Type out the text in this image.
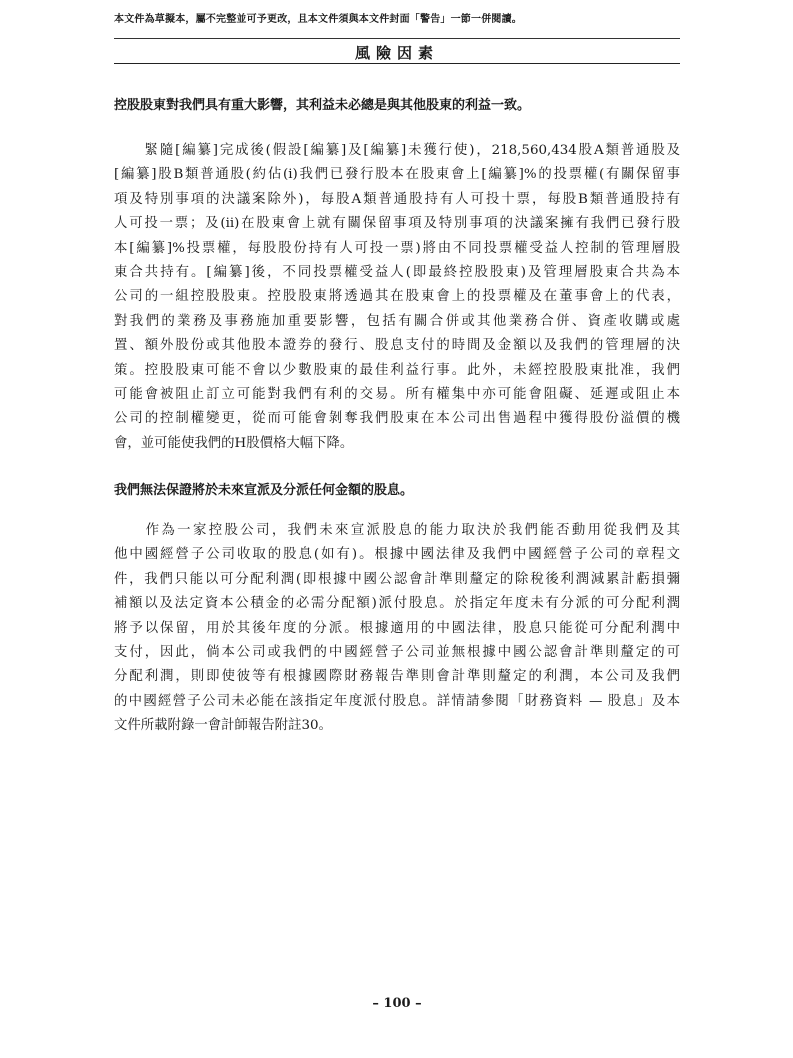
本文件為草擬本，屬不完整並可予更改，且本文件須與本文件封面「警告」一節一併閱讀。
風險因素
控股股東對我們具有重大影響，其利益未必總是與其他股東的利益一致。
　　緊隨[編纂]完成後(假設[編纂]及[編纂]未獲行使)，218,560,434股A類普通股及
[編纂]股B類普通股(約佔(i)我們已發行股本在股東會上[編纂]%的投票權(有關保留事
項及特別事項的決議案除外)，每股A類普通股持有人可投十票，每股B類普通股持有
人可投一票；及(ii)在股東會上就有關保留事項及特別事項的決議案擁有我們已發行股
本[編纂]%投票權，每股股份持有人可投一票)將由不同投票權受益人控制的管理層股
東合共持有。[編纂]後，不同投票權受益人(即最終控股股東)及管理層股東合共為本
公司的一組控股股東。控股股東將透過其在股東會上的投票權及在董事會上的代表，
對我們的業務及事務施加重要影響，包括有關合併或其他業務合併、資產收購或處
置、額外股份或其他股本證券的發行、股息支付的時間及金額以及我們的管理層的決
策。控股股東可能不會以少數股東的最佳利益行事。此外，未經控股股東批准，我們
可能會被阻止訂立可能對我們有利的交易。所有權集中亦可能會阻礙、延遲或阻止本
公司的控制權變更，從而可能會剝奪我們股東在本公司出售過程中獲得股份溢價的機
會，並可能使我們的H股價格大幅下降。
我們無法保證將於未來宣派及分派任何金額的股息。
　　作為一家控股公司，我們未來宣派股息的能力取決於我們能否動用從我們及其
他中國經營子公司收取的股息(如有)。根據中國法律及我們中國經營子公司的章程文
件，我們只能以可分配利潤(即根據中國公認會計準則釐定的除稅後利潤減累計虧損彌
補額以及法定資本公積金的必需分配額)派付股息。於指定年度未有分派的可分配利潤
將予以保留，用於其後年度的分派。根據適用的中國法律，股息只能從可分配利潤中
支付，因此，倘本公司或我們的中國經營子公司並無根據中國公認會計準則釐定的可
分配利潤，則即使彼等有根據國際財務報告準則會計準則釐定的利潤，本公司及我們
的中國經營子公司未必能在該指定年度派付股息。詳情請參閱「財務資料 — 股息」及本
文件所載附錄一會計師報告附註30。
– 100 –
